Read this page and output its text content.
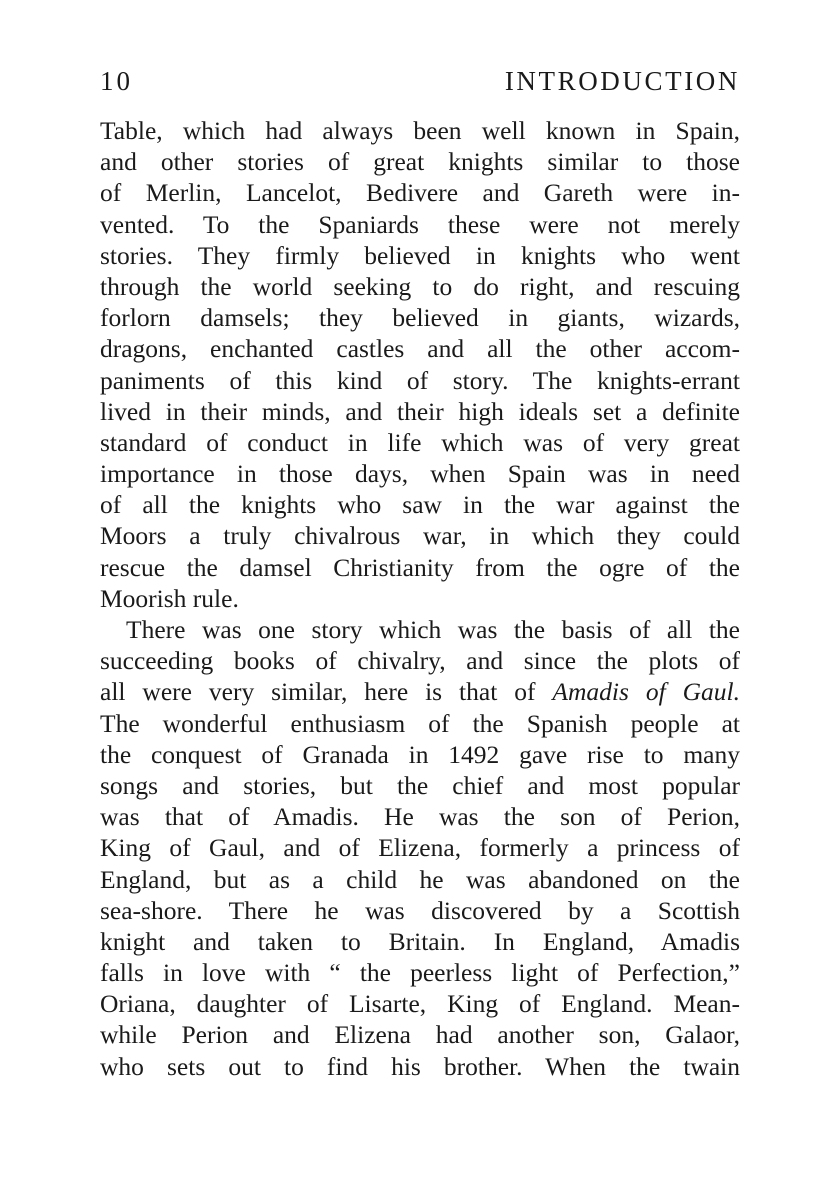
10	INTRODUCTION
Table, which had always been well known in Spain,
and other stories of great knights similar to those
of Merlin, Lancelot, Bedivere and Gareth were in-
vented. To the Spaniards these were not merely
stories. They firmly believed in knights who went
through the world seeking to do right, and rescuing
forlorn damsels; they believed in giants, wizards,
dragons, enchanted castles and all the other accom-
paniments of this kind of story. The knights-errant
lived in their minds, and their high ideals set a definite
standard of conduct in life which was of very great
importance in those days, when Spain was in need
of all the knights who saw in the war against the
Moors a truly chivalrous war, in which they could
rescue the damsel Christianity from the ogre of the
Moorish rule.
There was one story which was the basis of all the
succeeding books of chivalry, and since the plots of
all were very similar, here is that of Amadis of Gaul.
The wonderful enthusiasm of the Spanish people at
the conquest of Granada in 1492 gave rise to many
songs and stories, but the chief and most popular
was that of Amadis. He was the son of Perion,
King of Gaul, and of Elizena, formerly a princess of
England, but as a child he was abandoned on the
sea-shore. There he was discovered by a Scottish
knight and taken to Britain. In England, Amadis
falls in love with “ the peerless light of Perfection,”
Oriana, daughter of Lisarte, King of England. Mean-
while Perion and Elizena had another son, Galaor,
who sets out to find his brother. When the twain
